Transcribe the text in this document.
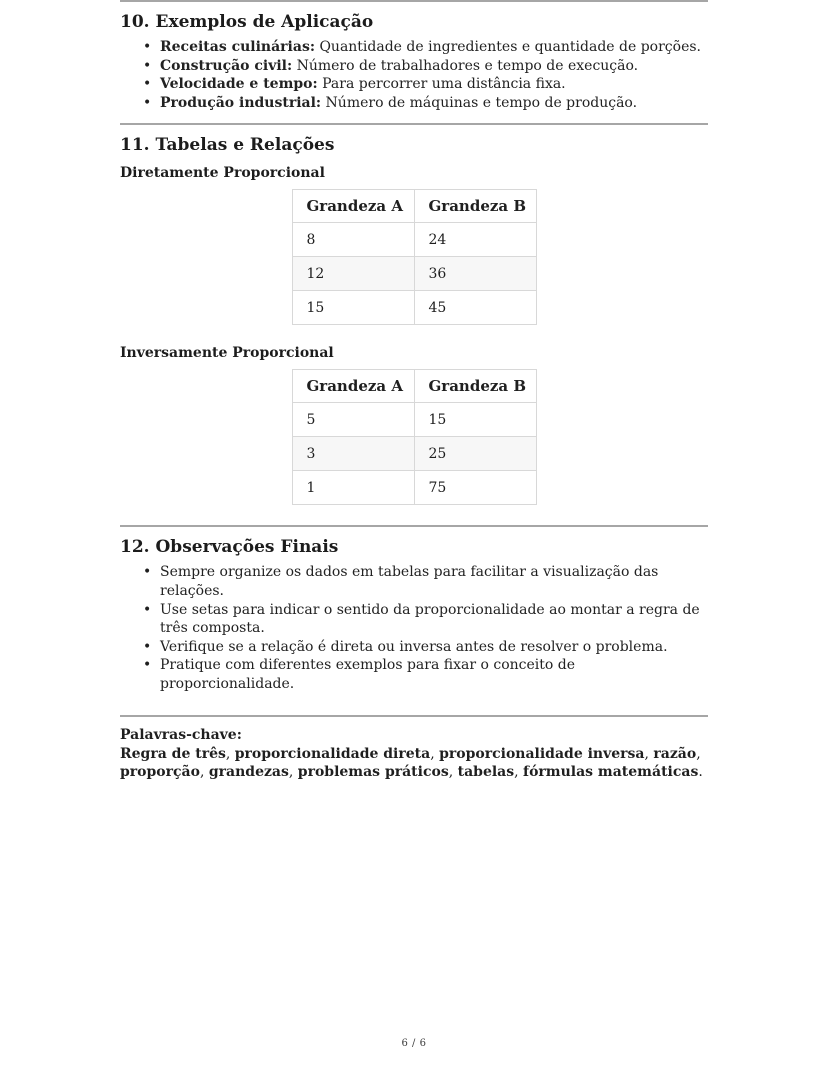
10. Exemplos de Aplicação
• Receitas culinárias: Quantidade de ingredientes e quantidade de porções.
• Construção civil: Número de trabalhadores e tempo de execução.
• Velocidade e tempo: Para percorrer uma distância fixa.
• Produção industrial: Número de máquinas e tempo de produção.
11. Tabelas e Relações
Diretamente Proporcional
Grandeza A	Grandeza B
8	24
12	36
15	45
Inversamente Proporcional
Grandeza A	Grandeza B
5	15
3	25
1	75
12. Observações Finais
• Sempre organize os dados em tabelas para facilitar a visualização das relações.
• Use setas para indicar o sentido da proporcionalidade ao montar a regra de três composta.
• Verifique se a relação é direta ou inversa antes de resolver o problema.
• Pratique com diferentes exemplos para fixar o conceito de proporcionalidade.

Palavras-chave:

Regra de três, proporcionalidade direta, proporcionalidade inversa, razão, proporção, grandezas, problemas práticos, tabelas, fórmulas matemáticas.

6 / 6
